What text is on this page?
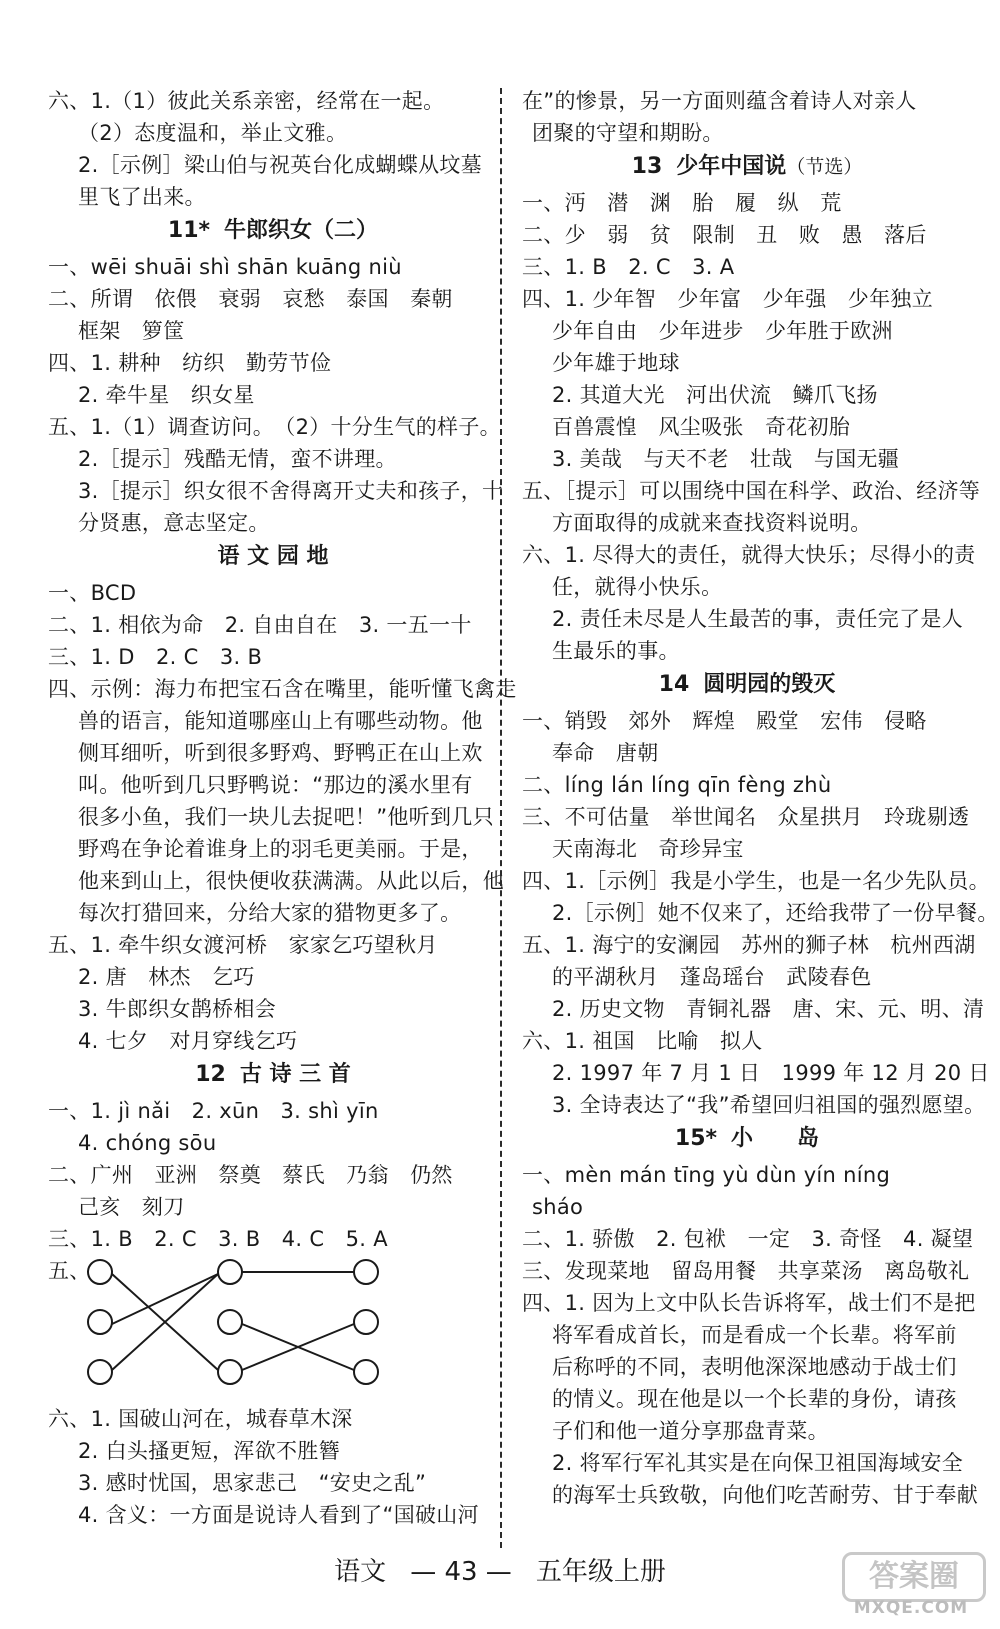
六、1.（1）彼此关系亲密，经常在一起。
（2）态度温和，举止文雅。
2.［示例］梁山伯与祝英台化成蝴蝶从坟墓
里飞了出来。
11* 牛郎织女（二）
一、wēi shuāi shì shān kuāng niù
二、所谓　依偎　衰弱　哀愁　泰国　秦朝
框架　箩筐
四、1. 耕种　纺织　勤劳节俭
2. 牵牛星　织女星
五、1.（1）调查访问。　（2）十分生气的样子。
2.［提示］残酷无情，蛮不讲理。
3.［提示］织女很不舍得离开丈夫和孩子，十
分贤惠，意志坚定。
语 文 园 地
一、BCD
二、1. 相依为命　2. 自由自在　3. 一五一十
三、1. D　2. C　3. B
四、示例：海力布把宝石含在嘴里，能听懂飞禽走
兽的语言，能知道哪座山上有哪些动物。他
侧耳细听，听到很多野鸡、野鸭正在山上欢
叫。他听到几只野鸭说：“那边的溪水里有
很多小鱼，我们一块儿去捉吧！”他听到几只
野鸡在争论着谁身上的羽毛更美丽。于是，
他来到山上，很快便收获满满。从此以后，他
每次打猎回来，分给大家的猎物更多了。
五、1. 牵牛织女渡河桥　家家乞巧望秋月
2. 唐　林杰　乞巧
3. 牛郎织女鹊桥相会
4. 七夕　对月穿线乞巧
12 古 诗 三 首
一、1. jì nǎi　2. xūn　3. shì yīn
4. chóng sōu
二、广州　亚洲　祭奠　蔡氏　乃翁　仍然
己亥　刻刀
三、1. B　2. C　3. B　4. C　5. A
五、
六、1. 国破山河在，城春草木深
2. 白头搔更短，浑欲不胜簪
3. 感时忧国，思家悲己　“安史之乱”
4. 含义：一方面是说诗人看到了“国破山河
在”的惨景，另一方面则蕴含着诗人对亲人
团聚的守望和期盼。
13 少年中国说（节选）
一、沔　潜　渊　胎　履　纵　荒
二、少　弱　贫　限制　丑　败　愚　落后
三、1. B　2. C　3. A
四、1. 少年智　少年富　少年强　少年独立
少年自由　少年进步　少年胜于欧洲
少年雄于地球
2. 其道大光　河出伏流　鳞爪飞扬
百兽震惶　风尘吸张　奇花初胎
3. 美哉　与天不老　壮哉　与国无疆
五、［提示］可以围绕中国在科学、政治、经济等
方面取得的成就来查找资料说明。
六、1. 尽得大的责任，就得大快乐；尽得小的责
任，就得小快乐。
2. 责任未尽是人生最苦的事，责任完了是人
生最乐的事。
14 圆明园的毁灭
一、销毁　郊外　辉煌　殿堂　宏伟　侵略
奉命　唐朝
二、líng lán líng qīn fèng zhù
三、不可估量　举世闻名　众星拱月　玲珑剔透
天南海北　奇珍异宝
四、1.［示例］我是小学生，也是一名少先队员。
2.［示例］她不仅来了，还给我带了一份早餐。
五、1. 海宁的安澜园　苏州的狮子林　杭州西湖
的平湖秋月　蓬岛瑶台　武陵春色
2. 历史文物　青铜礼器　唐、宋、元、明、清
六、1. 祖国　比喻　拟人
2. 1997 年 7 月 1 日　1999 年 12 月 20 日
3. 全诗表达了“我”希望回归祖国的强烈愿望。
15* 小　　岛
一、mèn mán tīng yù dùn yín níng
sháo
二、1. 骄傲　2. 包袱　一定　3. 奇怪　4. 凝望
三、发现菜地　留岛用餐　共享菜汤　离岛敬礼
四、1. 因为上文中队长告诉将军，战士们不是把
将军看成首长，而是看成一个长辈。将军前
后称呼的不同，表明他深深地感动于战士们
的情义。现在他是以一个长辈的身份，请孩
子们和他一道分享那盘青菜。
2. 将军行军礼其实是在向保卫祖国海域安全
的海军士兵致敬，向他们吃苦耐劳、甘于奉献
语文 — 43 — 五年级上册	答案圈
MXQE.COM
